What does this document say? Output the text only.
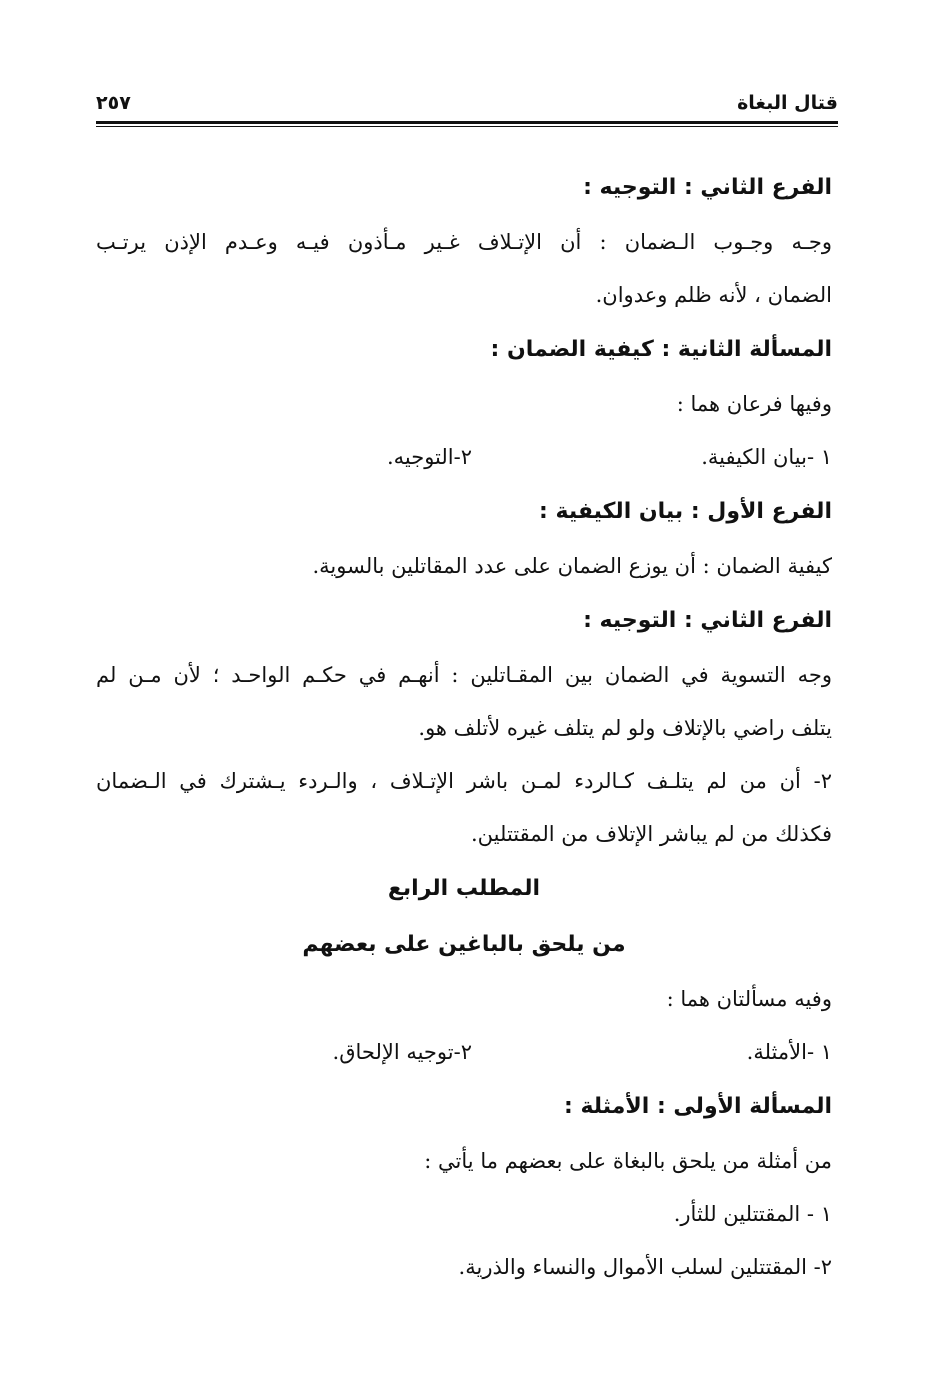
قتال البغاة
٢٥٧
الفرع الثاني : التوجيه :
وجـه وجـوب الـضمان : أن الإتـلاف غـير مـأذون فيـه وعـدم الإذن يرتـب
الضمان ، لأنه ظلم وعدوان.
المسألة الثانية : كيفية الضمان :
وفيها فرعان هما :
١ -بيان الكيفية.
٢-التوجيه.
الفرع الأول : بيان الكيفية :
كيفية الضمان : أن يوزع الضمان على عدد المقاتلين بالسوية.
الفرع الثاني : التوجيه :
وجه التسوية في الضمان بين المقـاتلين : أنهـم في حكـم الواحـد ؛ لأن مـن لم
يتلف راضي بالإتلاف ولو لم يتلف غيره لأتلف هو.
٢- أن من لم يتلـف كـالردء لمـن باشر الإتـلاف ، والـردء يـشترك في الـضمان
فكذلك من لم يباشر الإتلاف من المقتتلين.
المطلب الرابع
من يلحق بالباغين على بعضهم
وفيه مسألتان هما :
١ -الأمثلة.
٢-توجيه الإلحاق.
المسألة الأولى : الأمثلة :
من أمثلة من يلحق بالبغاة على بعضهم ما يأتي :
١ - المقتتلين للثأر.
٢- المقتتلين لسلب الأموال والنساء والذرية.
